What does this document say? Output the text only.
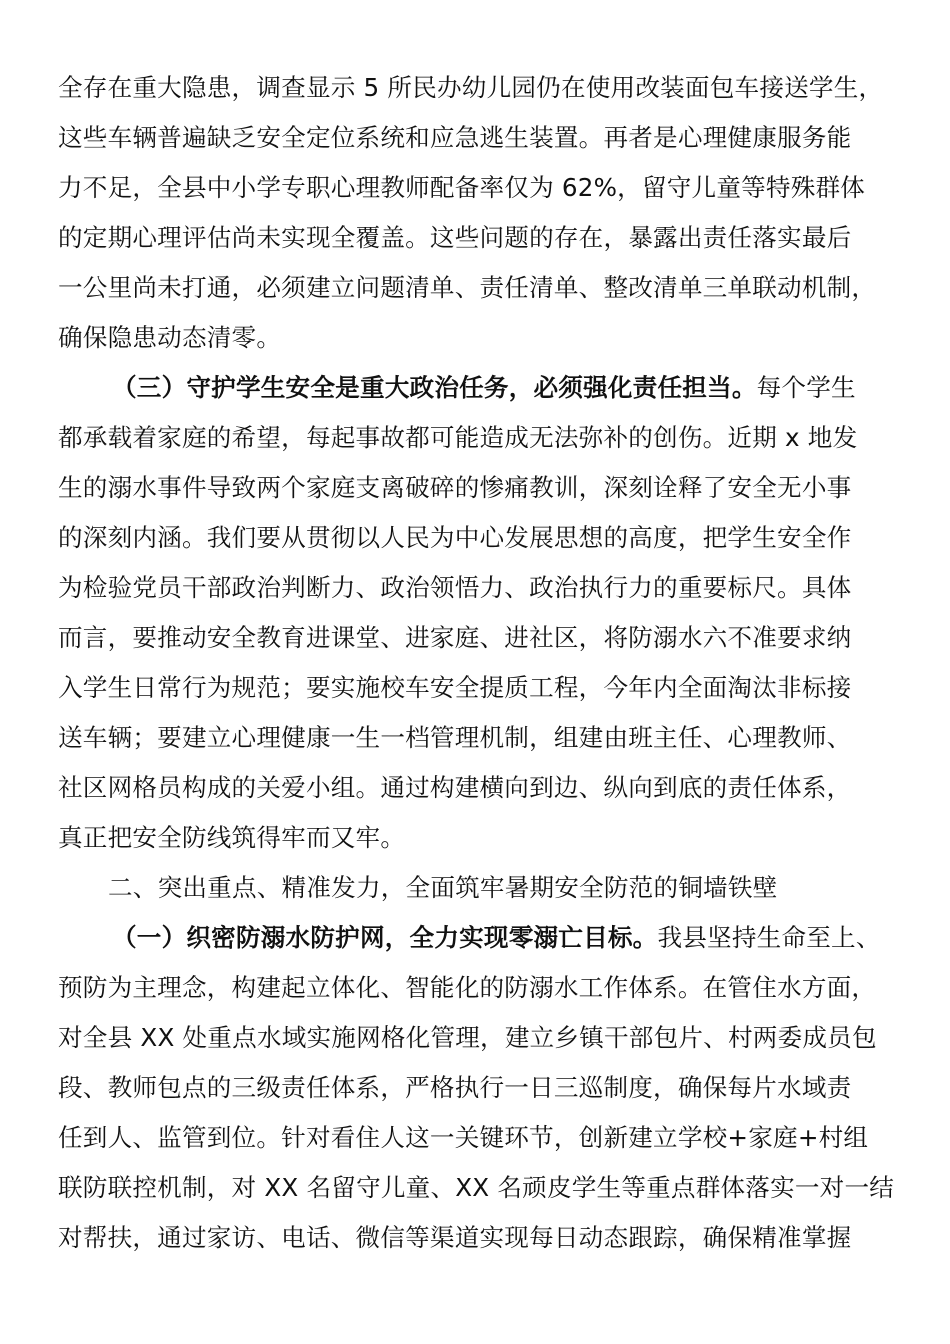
全存在重大隐患，调查显示 5 所民办幼儿园仍在使用改装面包车接送学生，
这些车辆普遍缺乏安全定位系统和应急逃生装置。再者是心理健康服务能
力不足，全县中小学专职心理教师配备率仅为 62%，留守儿童等特殊群体
的定期心理评估尚未实现全覆盖。这些问题的存在，暴露出责任落实最后
一公里尚未打通，必须建立问题清单、责任清单、整改清单三单联动机制，
确保隐患动态清零。
（三）守护学生安全是重大政治任务，必须强化责任担当。每个学生
都承载着家庭的希望，每起事故都可能造成无法弥补的创伤。近期 x 地发
生的溺水事件导致两个家庭支离破碎的惨痛教训，深刻诠释了安全无小事
的深刻内涵。我们要从贯彻以人民为中心发展思想的高度，把学生安全作
为检验党员干部政治判断力、政治领悟力、政治执行力的重要标尺。具体
而言，要推动安全教育进课堂、进家庭、进社区，将防溺水六不准要求纳
入学生日常行为规范；要实施校车安全提质工程，今年内全面淘汰非标接
送车辆；要建立心理健康一生一档管理机制，组建由班主任、心理教师、
社区网格员构成的关爱小组。通过构建横向到边、纵向到底的责任体系，
真正把安全防线筑得牢而又牢。
二、突出重点、精准发力，全面筑牢暑期安全防范的铜墙铁壁
（一）织密防溺水防护网，全力实现零溺亡目标。我县坚持生命至上、
预防为主理念，构建起立体化、智能化的防溺水工作体系。在管住水方面，
对全县 XX 处重点水域实施网格化管理，建立乡镇干部包片、村两委成员包
段、教师包点的三级责任体系，严格执行一日三巡制度，确保每片水域责
任到人、监管到位。针对看住人这一关键环节，创新建立学校+家庭+村组
联防联控机制，对 XX 名留守儿童、XX 名顽皮学生等重点群体落实一对一结
对帮扶，通过家访、电话、微信等渠道实现每日动态跟踪，确保精准掌握
